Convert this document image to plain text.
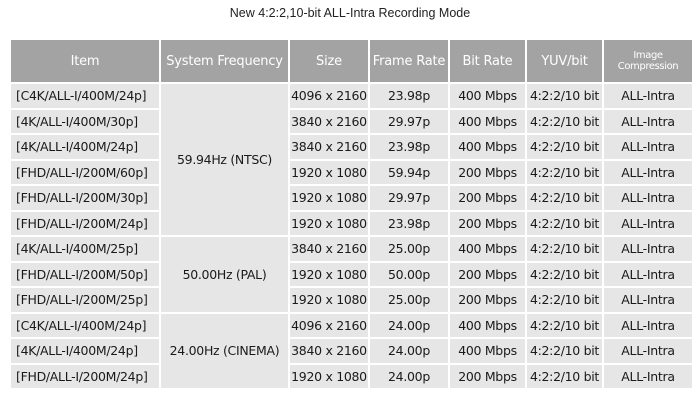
New 4:2:2,10-bit ALL-Intra Recording Mode
Item	System Frequency	Size	Frame Rate	Bit Rate	YUV/bit	Image Compression
[C4K/ALL-I/400M/24p]	59.94Hz (NTSC)	4096 x 2160	23.98p	400 Mbps	4:2:2/10 bit	ALL-Intra
[4K/ALL-I/400M/30p]		3840 x 2160	29.97p	400 Mbps	4:2:2/10 bit	ALL-Intra
[4K/ALL-I/400M/24p]		3840 x 2160	23.98p	400 Mbps	4:2:2/10 bit	ALL-Intra
[FHD/ALL-I/200M/60p]		1920 x 1080	59.94p	200 Mbps	4:2:2/10 bit	ALL-Intra
[FHD/ALL-I/200M/30p]		1920 x 1080	29.97p	200 Mbps	4:2:2/10 bit	ALL-Intra
[FHD/ALL-I/200M/24p]		1920 x 1080	23.98p	200 Mbps	4:2:2/10 bit	ALL-Intra
[4K/ALL-I/400M/25p]	50.00Hz (PAL)	3840 x 2160	25.00p	400 Mbps	4:2:2/10 bit	ALL-Intra
[FHD/ALL-I/200M/50p]		1920 x 1080	50.00p	200 Mbps	4:2:2/10 bit	ALL-Intra
[FHD/ALL-I/200M/25p]		1920 x 1080	25.00p	200 Mbps	4:2:2/10 bit	ALL-Intra
[C4K/ALL-I/400M/24p]	24.00Hz (CINEMA)	4096 x 2160	24.00p	400 Mbps	4:2:2/10 bit	ALL-Intra
[4K/ALL-I/400M/24p]		3840 x 2160	24.00p	400 Mbps	4:2:2/10 bit	ALL-Intra
[FHD/ALL-I/200M/24p]		1920 x 1080	24.00p	200 Mbps	4:2:2/10 bit	ALL-Intra
